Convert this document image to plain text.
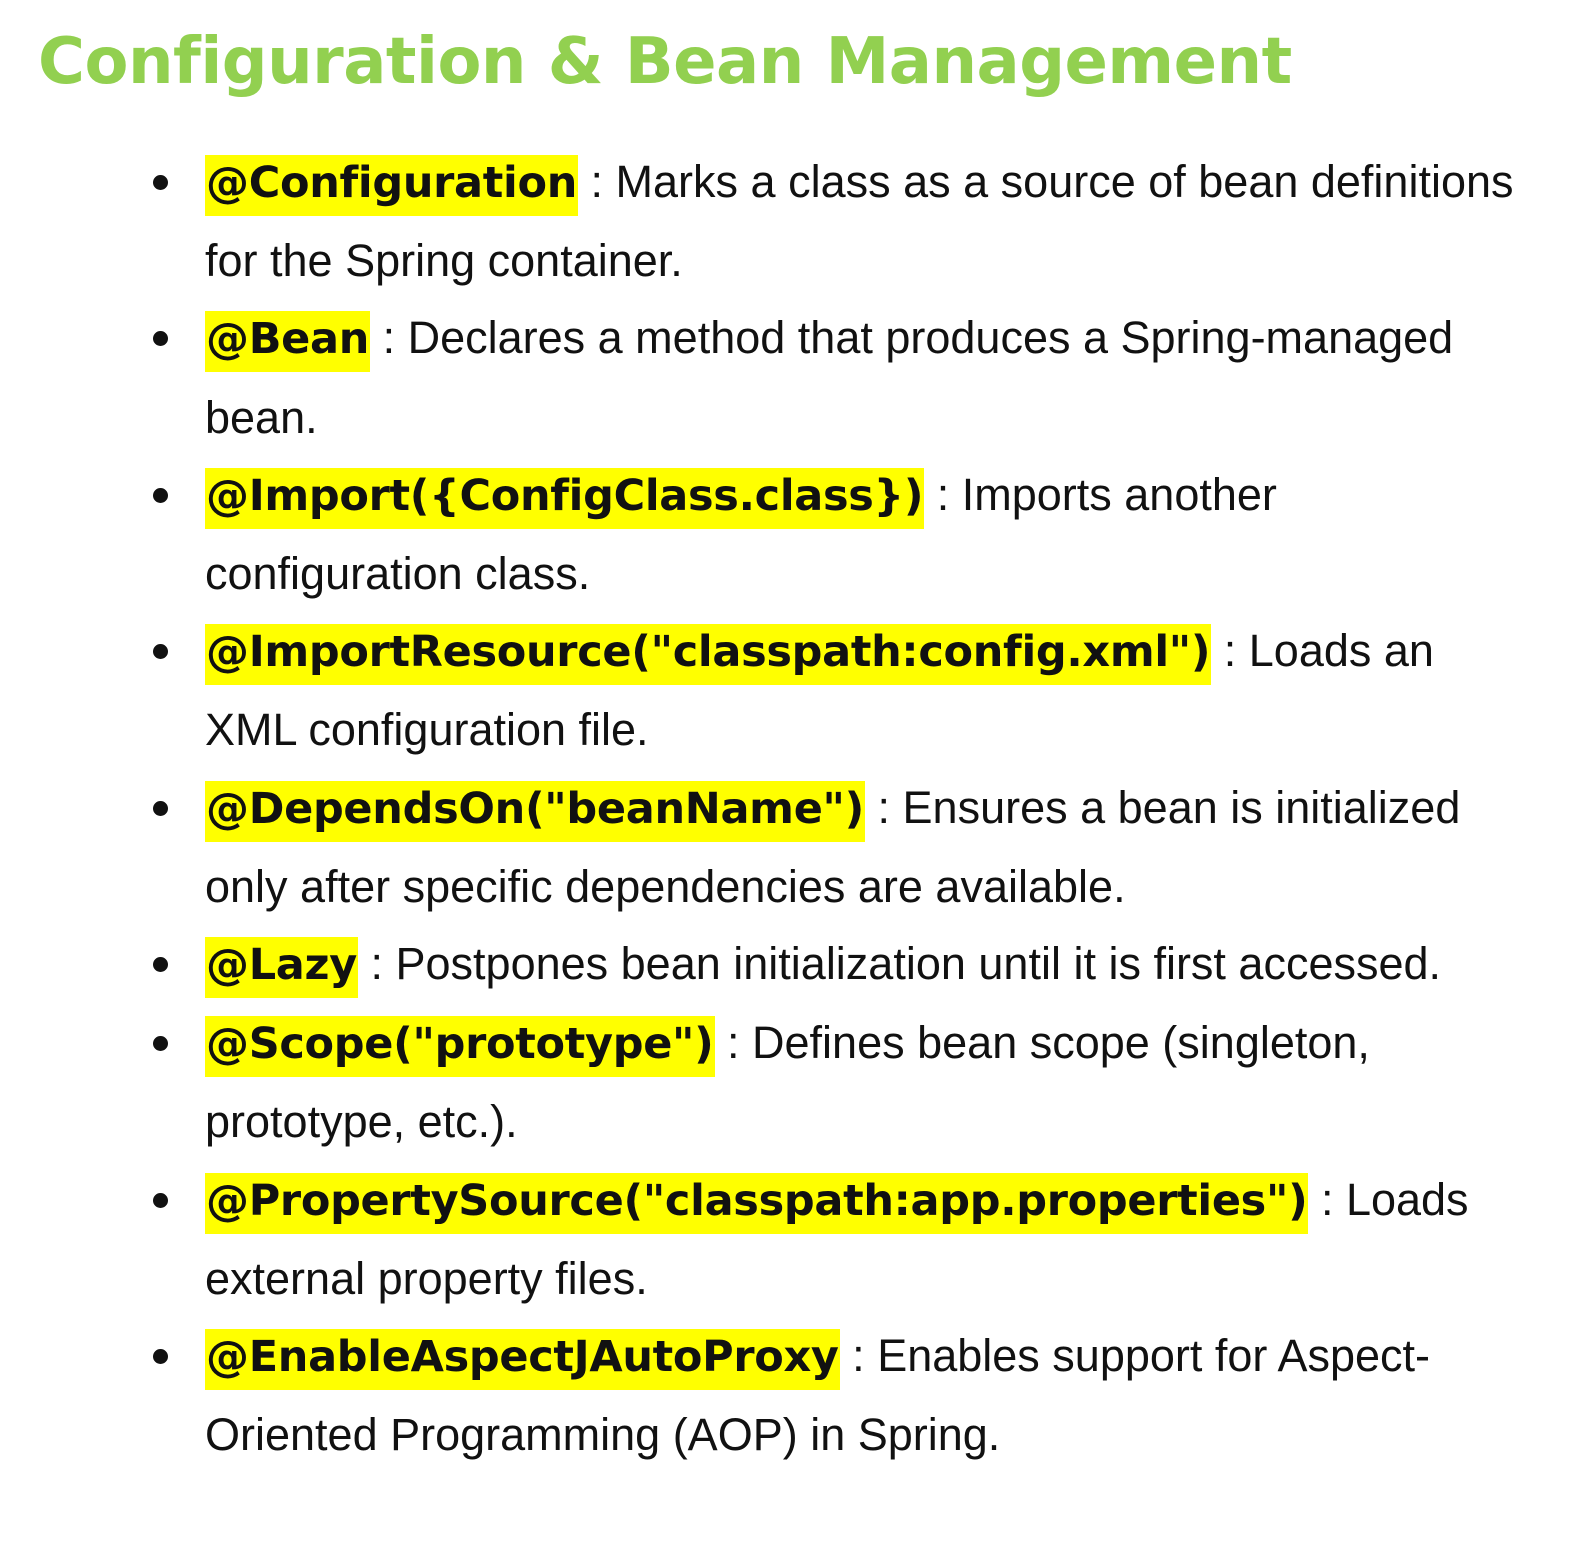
Configuration & Bean Management
@Configuration : Marks a class as a source of bean definitions for the Spring container.
@Bean : Declares a method that produces a Spring-managed bean.
@Import({ConfigClass.class}) : Imports another configuration class.
@ImportResource("classpath:config.xml") : Loads an XML configuration file.
@DependsOn("beanName") : Ensures a bean is initialized only after specific dependencies are available.
@Lazy : Postpones bean initialization until it is first accessed.
@Scope("prototype") : Defines bean scope (singleton, prototype, etc.).
@PropertySource("classpath:app.properties") : Loads external property files.
@EnableAspectJAutoProxy : Enables support for Aspect-Oriented Programming (AOP) in Spring.
